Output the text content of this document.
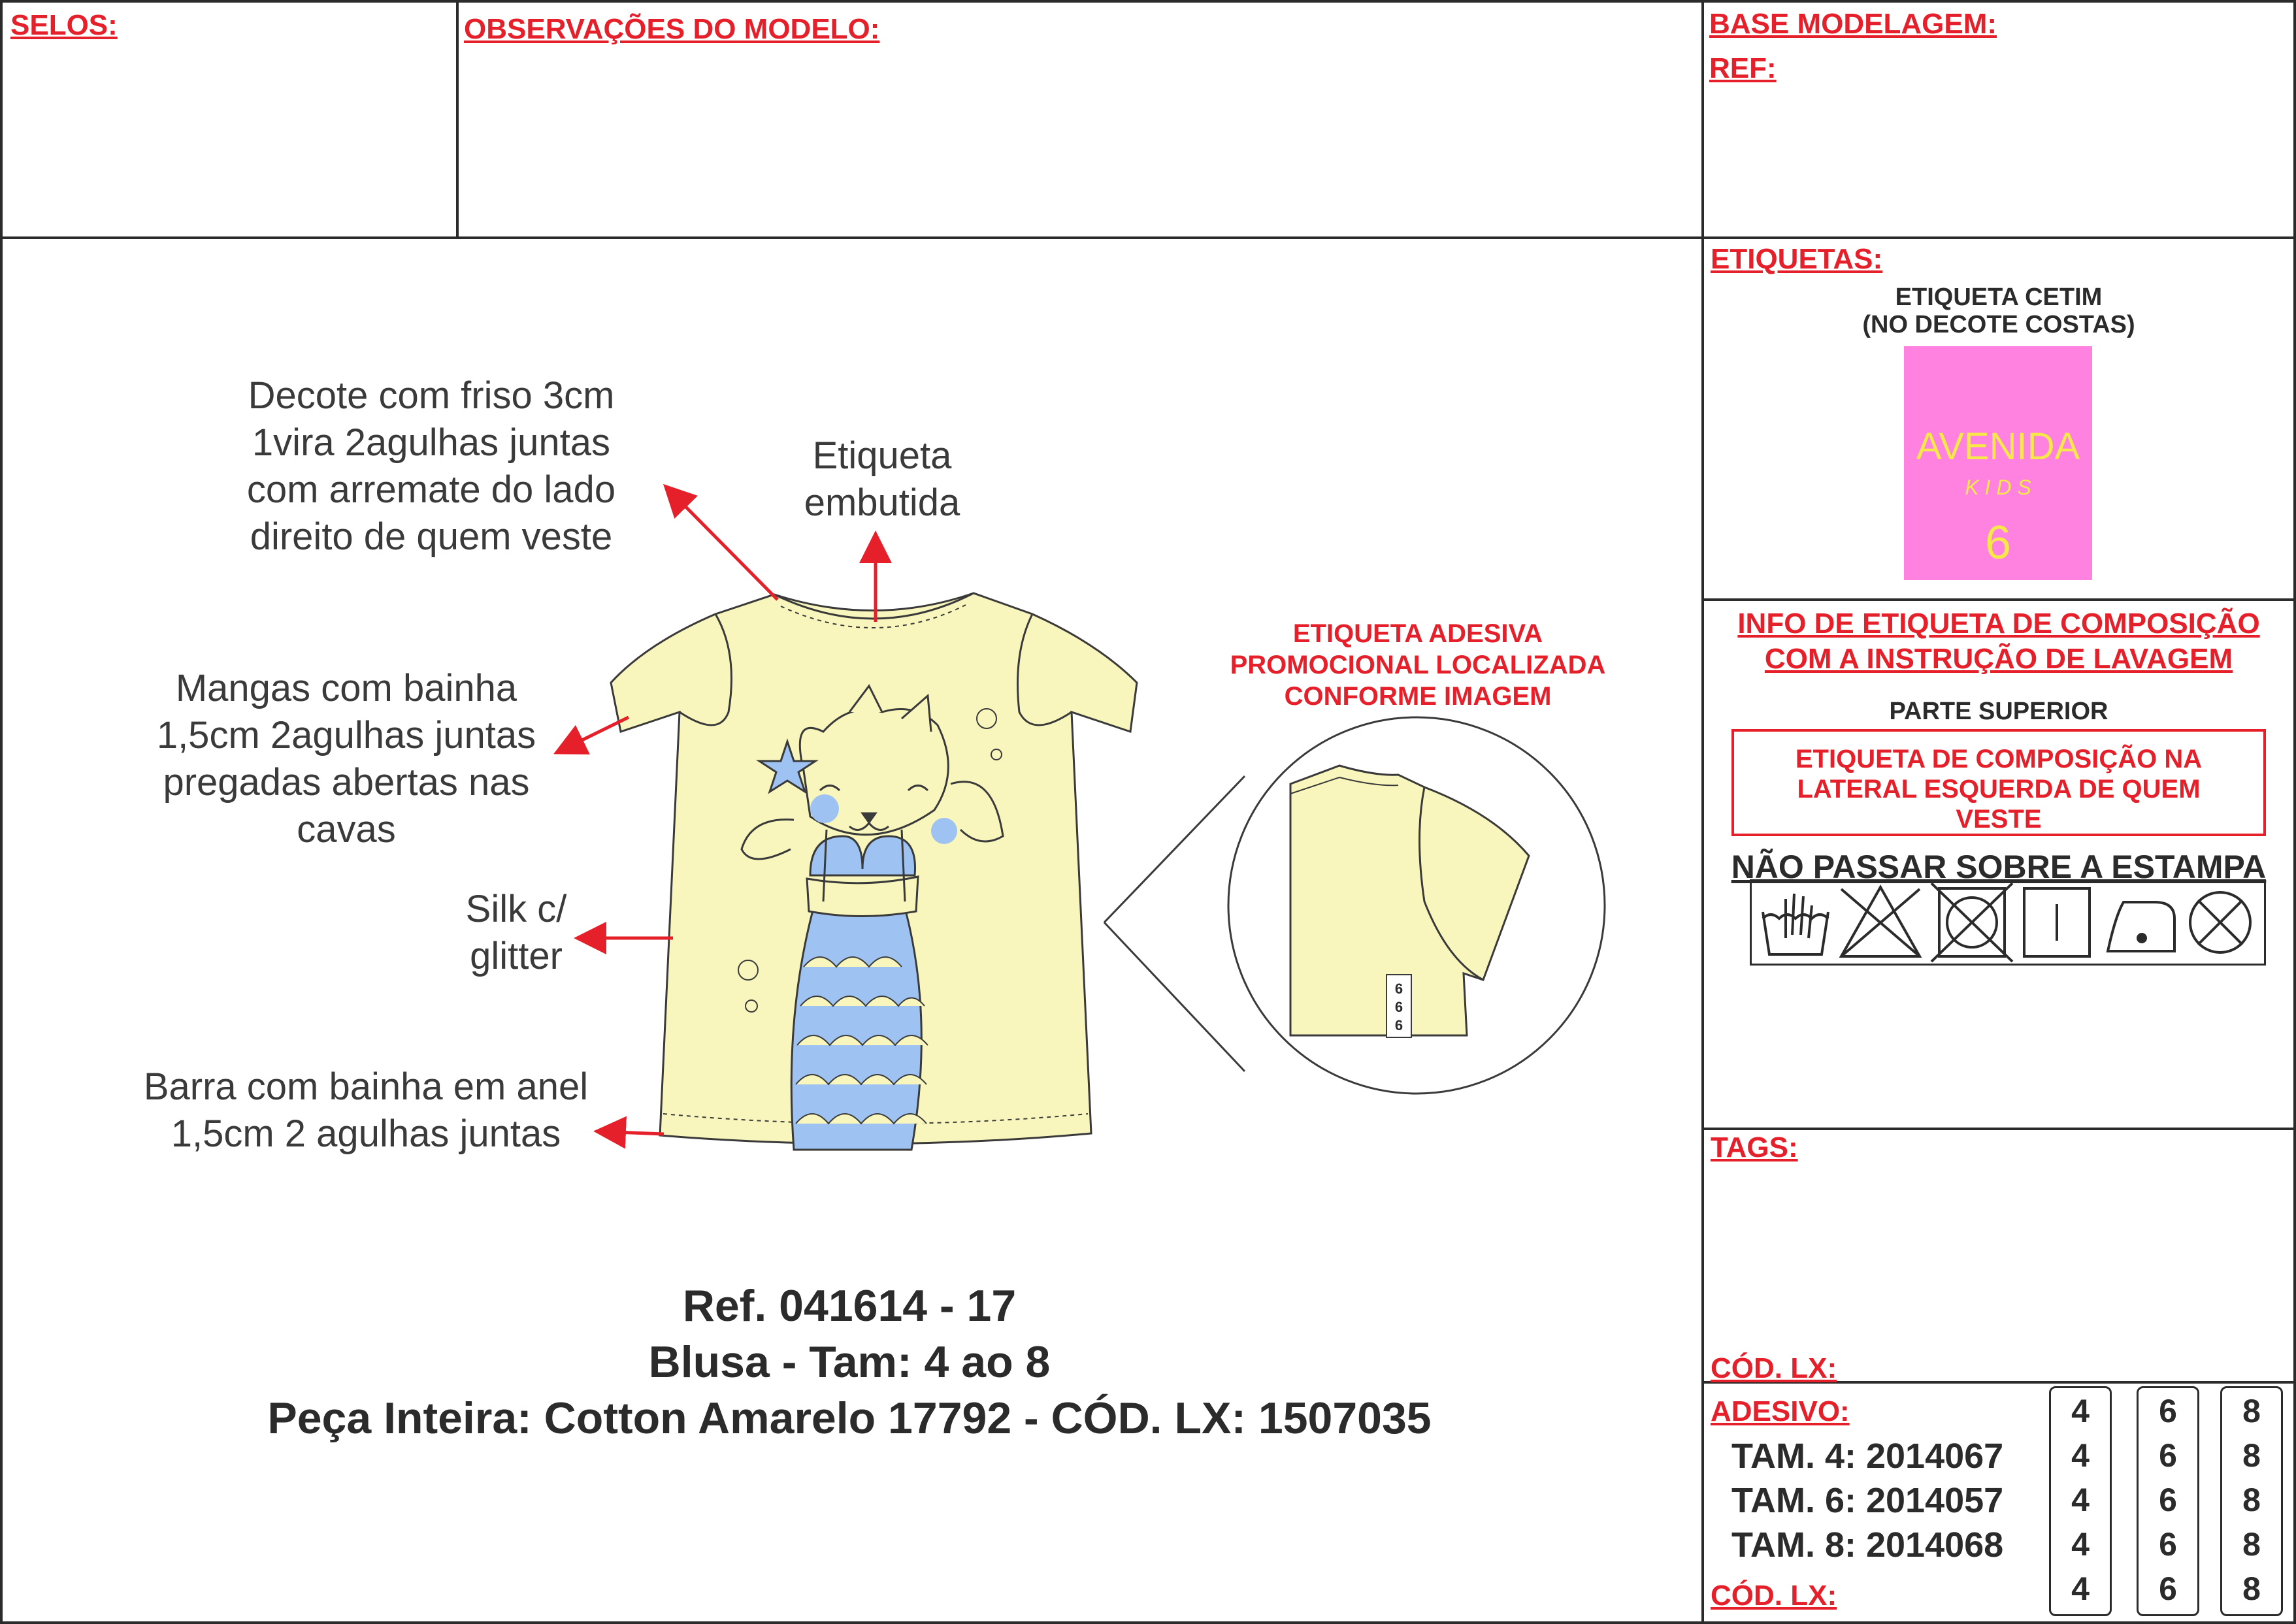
SELOS:	OBSERVAÇÕES DO MODELO:	BASE MODELAGEM:
REF:
Decote com friso 3cm
1vira 2agulhas juntas
com arremate do lado
direito de quem veste
Etiqueta
embutida
Mangas com bainha
1,5cm 2agulhas juntas
pregadas abertas nas
cavas
Silk c/
glitter
Barra com bainha em anel
1,5cm 2 agulhas juntas
6
6
6
ETIQUETA ADESIVA
PROMOCIONAL LOCALIZADA
CONFORME IMAGEM
Ref. 041614 - 17
Blusa - Tam: 4 ao 8
Peça Inteira: Cotton Amarelo 17792 - CÓD. LX: 1507035
ETIQUETAS:
ETIQUETA CETIM
(NO DECOTE COSTAS)
AVENIDA
K I D S
6
INFO DE ETIQUETA DE COMPOSIÇÃO
COM A INSTRUÇÃO DE LAVAGEM
PARTE SUPERIOR
ETIQUETA DE COMPOSIÇÃO NA
LATERAL ESQUERDA DE QUEM
VESTE
NÃO PASSAR SOBRE A ESTAMPA
TAGS:
CÓD. LX:
ADESIVO:
TAM. 4: 2014067
TAM. 6: 2014057
TAM. 8: 2014068
CÓD. LX:
4
4
4
4
4
6
6
6
6
6
8
8
8
8
8
